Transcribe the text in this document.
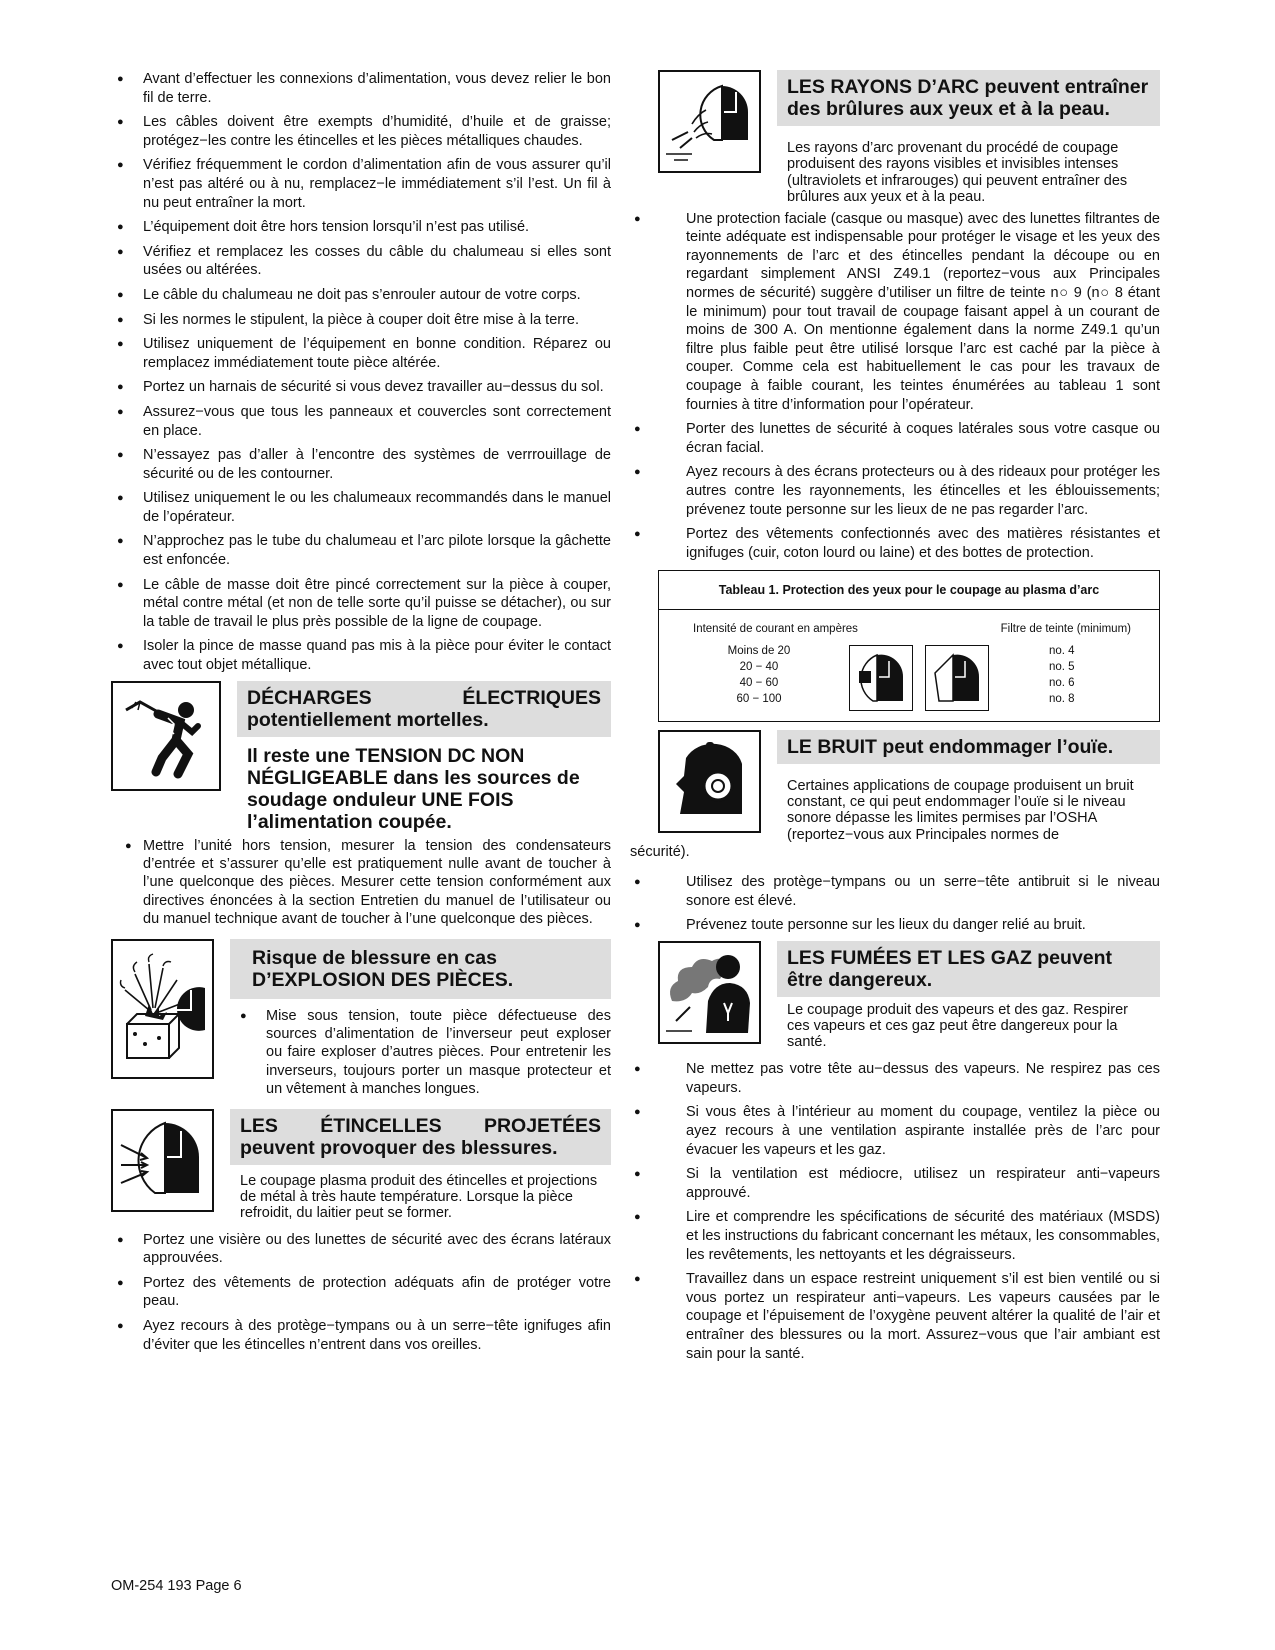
● Avant d’effectuer les connexions d’alimentation, vous devez relier le bon fil de terre.
● Les câbles doivent être exempts d’humidité, d’huile et de graisse; protégez−les contre les étincelles et les pièces métalliques chaudes.
● Vérifiez fréquemment le cordon d’alimentation afin de vous assurer qu’il n’est pas altéré ou à nu, remplacez−le immédiatement s’il l’est. Un fil à nu peut entraîner la mort.
● L’équipement doit être hors tension lorsqu’il n’est pas utilisé.
● Vérifiez et remplacez les cosses du câble du chalumeau si elles sont usées ou altérées.
● Le câble du chalumeau ne doit pas s’enrouler autour de votre corps.
● Si les normes le stipulent, la pièce à couper doit être mise à la terre.
● Utilisez uniquement de l’équipement en bonne condition. Réparez ou remplacez immédiatement toute pièce altérée.
● Portez un harnais de sécurité si vous devez travailler au−dessus du sol.
● Assurez−vous que tous les panneaux et couvercles sont correctement en place.
● N’essayez pas d’aller à l’encontre des systèmes de verrrouillage de sécurité ou de les contourner.
● Utilisez uniquement le ou les chalumeaux recommandés dans le manuel de l’opérateur.
● N’approchez pas le tube du chalumeau et l’arc pilote lorsque la gâchette est enfoncée.
● Le câble de masse doit être pincé correctement sur la pièce à couper, métal contre métal (et non de telle sorte qu’il puisse se détacher), ou sur la table de travail le plus près possible de la ligne de coupage.
● Isoler la pince de masse quand pas mis à la pièce pour éviter le contact avec tout objet métallique.
DÉCHARGES ÉLECTRIQUES potentiellement mortelles.
Il reste une TENSION DC NON NÉGLIGEABLE dans les sources de soudage onduleur UNE FOIS l’alimentation coupée.
● Mettre l’unité hors tension, mesurer la tension des condensateurs d’entrée et s’assurer qu’elle est pratiquement nulle avant de toucher à l’une quelconque des pièces. Mesurer cette tension conformément aux directives énoncées à la section Entretien du manuel de l’utilisateur ou du manuel technique avant de toucher à l’une quelconque des pièces.
Risque de blessure en cas D’EXPLOSION DES PIÈCES.
● Mise sous tension, toute pièce défectueuse des sources d’alimentation de l’inverseur peut exploser ou faire exploser d’autres pièces. Pour entretenir les inverseurs, toujours porter un masque protecteur et un vêtement à manches longues.
LES ÉTINCELLES PROJETÉES peuvent provoquer des blessures.
Le coupage plasma produit des étincelles et projections de métal à très haute température. Lorsque la pièce refroidit, du laitier peut se former.
● Portez une visière ou des lunettes de sécurité avec des écrans latéraux approuvées.
● Portez des vêtements de protection adéquats afin de protéger votre peau.
● Ayez recours à des protège−tympans ou à un serre−tête ignifuges afin d’éviter que les étincelles n’entrent dans vos oreilles.
LES RAYONS D’ARC peuvent entraîner des brûlures aux yeux et à la peau.
Les rayons d’arc provenant du procédé de coupage produisent des rayons visibles et invisibles intenses (ultraviolets et infrarouges) qui peuvent entraîner des brûlures aux yeux et à la peau.
● Une protection faciale (casque ou masque) avec des lunettes filtrantes de teinte adéquate est indispensable pour protéger le visage et les yeux des rayonnements de l’arc et des étincelles pendant la découpe ou en regardant simplement ANSI Z49.1 (reportez−vous aux Principales normes de sécurité) suggère d’utiliser un filtre de teinte n○ 9 (n○ 8 étant le minimum) pour tout travail de coupage faisant appel à un courant de moins de 300 A. On mentionne également dans la norme Z49.1 qu’un filtre plus faible peut être utilisé lorsque l’arc est caché par la pièce à couper. Comme cela est habituellement le cas pour les travaux de coupage à faible courant, les teintes énumérées au tableau 1 sont fournies à titre d’information pour l’opérateur.
● Porter des lunettes de sécurité à coques latérales sous votre casque ou écran facial.
● Ayez recours à des écrans protecteurs ou à des rideaux pour protéger les autres contre les rayonnements, les étincelles et les éblouissements; prévenez toute personne sur les lieux de ne pas regarder l’arc.
● Portez des vêtements confectionnés avec des matières résistantes et ignifuges (cuir, coton lourd ou laine) et des bottes de protection.
Tableau 1. Protection des yeux pour le coupage au plasma d’arc
Intensité de courant en ampères	Filtre de teinte (minimum)
Moins de 20
20 − 40
40 − 60
60 − 100
no. 4
no. 5
no. 6
no. 8
LE BRUIT peut endommager l’ouïe.
Certaines applications de coupage produisent un bruit constant, ce qui peut endommager l’ouïe si le niveau sonore dépasse les limites permises par l’OSHA (reportez−vous aux Principales normes de
sécurité).
● Utilisez des protège−tympans ou un serre−tête antibruit si le niveau sonore est élevé.
● Prévenez toute personne sur les lieux du danger relié au bruit.
LES FUMÉES ET LES GAZ peuvent être dangereux.
Le coupage produit des vapeurs et des gaz. Respirer ces vapeurs et ces gaz peut être dangereux pour la santé.
● Ne mettez pas votre tête au−dessus des vapeurs. Ne respirez pas ces vapeurs.
● Si vous êtes à l’intérieur au moment du coupage, ventilez la pièce ou ayez recours à une ventilation aspirante installée près de l’arc pour évacuer les vapeurs et les gaz.
● Si la ventilation est médiocre, utilisez un respirateur anti−vapeurs approuvé.
● Lire et comprendre les spécifications de sécurité des matériaux (MSDS) et les instructions du fabricant concernant les métaux, les consommables, les revêtements, les nettoyants et les dégraisseurs.
● Travaillez dans un espace restreint uniquement s’il est bien ventilé ou si vous portez un respirateur anti−vapeurs. Les vapeurs causées par le coupage et l’épuisement de l’oxygène peuvent altérer la qualité de l’air et entraîner des blessures ou la mort. Assurez−vous que l’air ambiant est sain pour la santé.
OM-254 193 Page 6
